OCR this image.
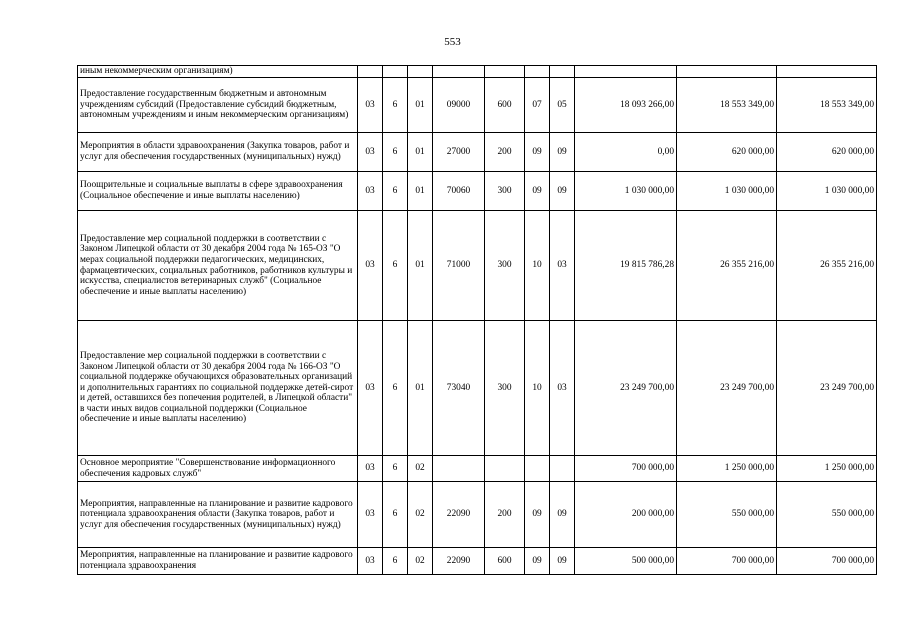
553
иным некоммерческим организациям)										
Предоставление государственным бюджетным и автономным учреждениям субсидий (Предоставление субсидий бюджетным, автономным учреждениям и иным некоммерческим организациям)	03	6	01	09000	600	07	05	18 093 266,00	18 553 349,00	18 553 349,00
Мероприятия в области здравоохранения (Закупка товаров, работ и услуг для обеспечения государственных (муниципальных) нужд)	03	6	01	27000	200	09	09	0,00	620 000,00	620 000,00
Поощрительные и социальные выплаты в сфере здравоохранения (Социальное обеспечение и иные выплаты населению)	03	6	01	70060	300	09	09	1 030 000,00	1 030 000,00	1 030 000,00
Предоставление мер социальной поддержки в соответствии с Законом Липецкой области от 30 декабря 2004 года № 165-ОЗ "О мерах социальной поддержки педагогических, медицинских, фармацевтических, социальных работников, работников культуры и искусства, специалистов ветеринарных служб" (Социальное обеспечение и иные выплаты населению)	03	6	01	71000	300	10	03	19 815 786,28	26 355 216,00	26 355 216,00
Предоставление мер социальной поддержки в соответствии с Законом Липецкой области от 30 декабря 2004 года № 166-ОЗ "О социальной поддержке обучающихся образовательных организаций и дополнительных гарантиях по социальной поддержке детей-сирот и детей, оставшихся без попечения родителей, в Липецкой области" в части иных видов социальной поддержки (Социальное обеспечение и иные выплаты населению)	03	6	01	73040	300	10	03	23 249 700,00	23 249 700,00	23 249 700,00
Основное мероприятие "Совершенствование информационного обеспечения кадровых служб"	03	6	02					700 000,00	1 250 000,00	1 250 000,00
Мероприятия, направленные на планирование и развитие кадрового потенциала здравоохранения области (Закупка товаров, работ и услуг для обеспечения государственных (муниципальных) нужд)	03	6	02	22090	200	09	09	200 000,00	550 000,00	550 000,00
Мероприятия, направленные на планирование и развитие кадрового потенциала здравоохранения	03	6	02	22090	600	09	09	500 000,00	700 000,00	700 000,00
